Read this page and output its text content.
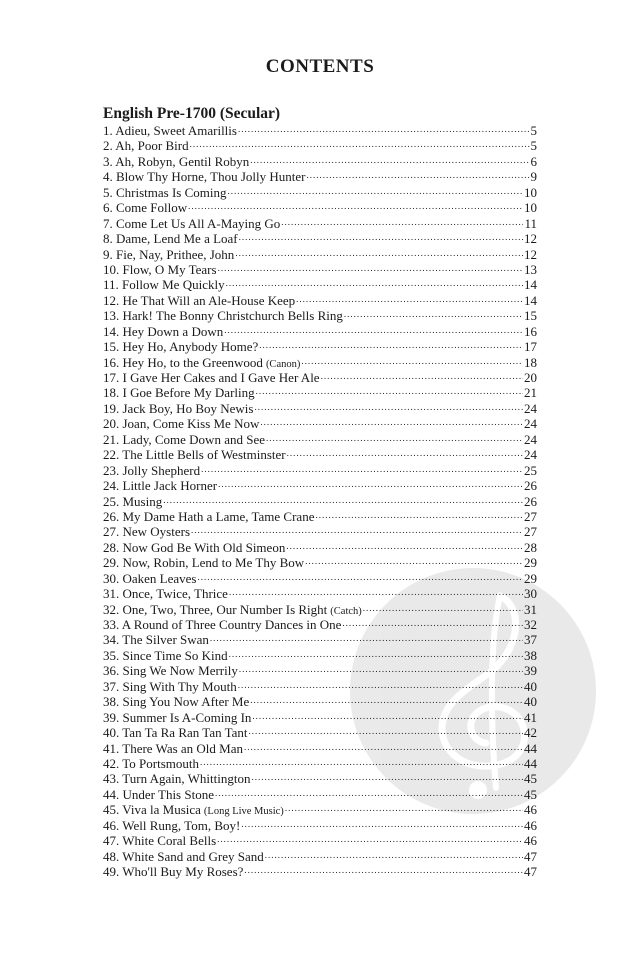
CONTENTS
English Pre-1700 (Secular)
1. Adieu, Sweet Amarillis .....	5
2. Ah, Poor Bird .....	5
3. Ah, Robyn, Gentil Robyn .....	6
4. Blow Thy Horne, Thou Jolly Hunter .....	9
5. Christmas Is Coming .....	10
6. Come Follow .....	10
7. Come Let Us All A-Maying Go .....	11
8. Dame, Lend Me a Loaf .....	12
9. Fie, Nay, Prithee, John .....	12
10. Flow, O My Tears .....	13
11. Follow Me Quickly .....	14
12. He That Will an Ale-House Keep .....	14
13. Hark! The Bonny Christchurch Bells Ring .....	15
14. Hey Down a Down .....	16
15. Hey Ho, Anybody Home? .....	17
16. Hey Ho, to the Greenwood (Canon) .....	18
17. I Gave Her Cakes and I Gave Her Ale .....	20
18. I Goe Before My Darling .....	21
19. Jack Boy, Ho Boy Newis .....	24
20. Joan, Come Kiss Me Now .....	24
21. Lady, Come Down and See .....	24
22. The Little Bells of Westminster .....	24
23. Jolly Shepherd .....	25
24. Little Jack Horner .....	26
25. Musing .....	26
26. My Dame Hath a Lame, Tame Crane .....	27
27. New Oysters .....	27
28. Now God Be With Old Simeon .....	28
29. Now, Robin, Lend to Me Thy Bow .....	29
30. Oaken Leaves .....	29
31. Once, Twice, Thrice .....	30
32. One, Two, Three, Our Number Is Right (Catch) .....	31
33. A Round of Three Country Dances in One .....	32
34. The Silver Swan .....	37
35. Since Time So Kind .....	38
36. Sing We Now Merrily .....	39
37. Sing With Thy Mouth .....	40
38. Sing You Now After Me .....	40
39. Summer Is A-Coming In .....	41
40. Tan Ta Ra Ran Tan Tant .....	42
41. There Was an Old Man .....	44
42. To Portsmouth .....	44
43. Turn Again, Whittington .....	45
44. Under This Stone .....	45
45. Viva la Musica (Long Live Music) .....	46
46. Well Rung, Tom, Boy! .....	46
47. White Coral Bells .....	46
48. White Sand and Grey Sand .....	47
49. Who'll Buy My Roses? .....	47
